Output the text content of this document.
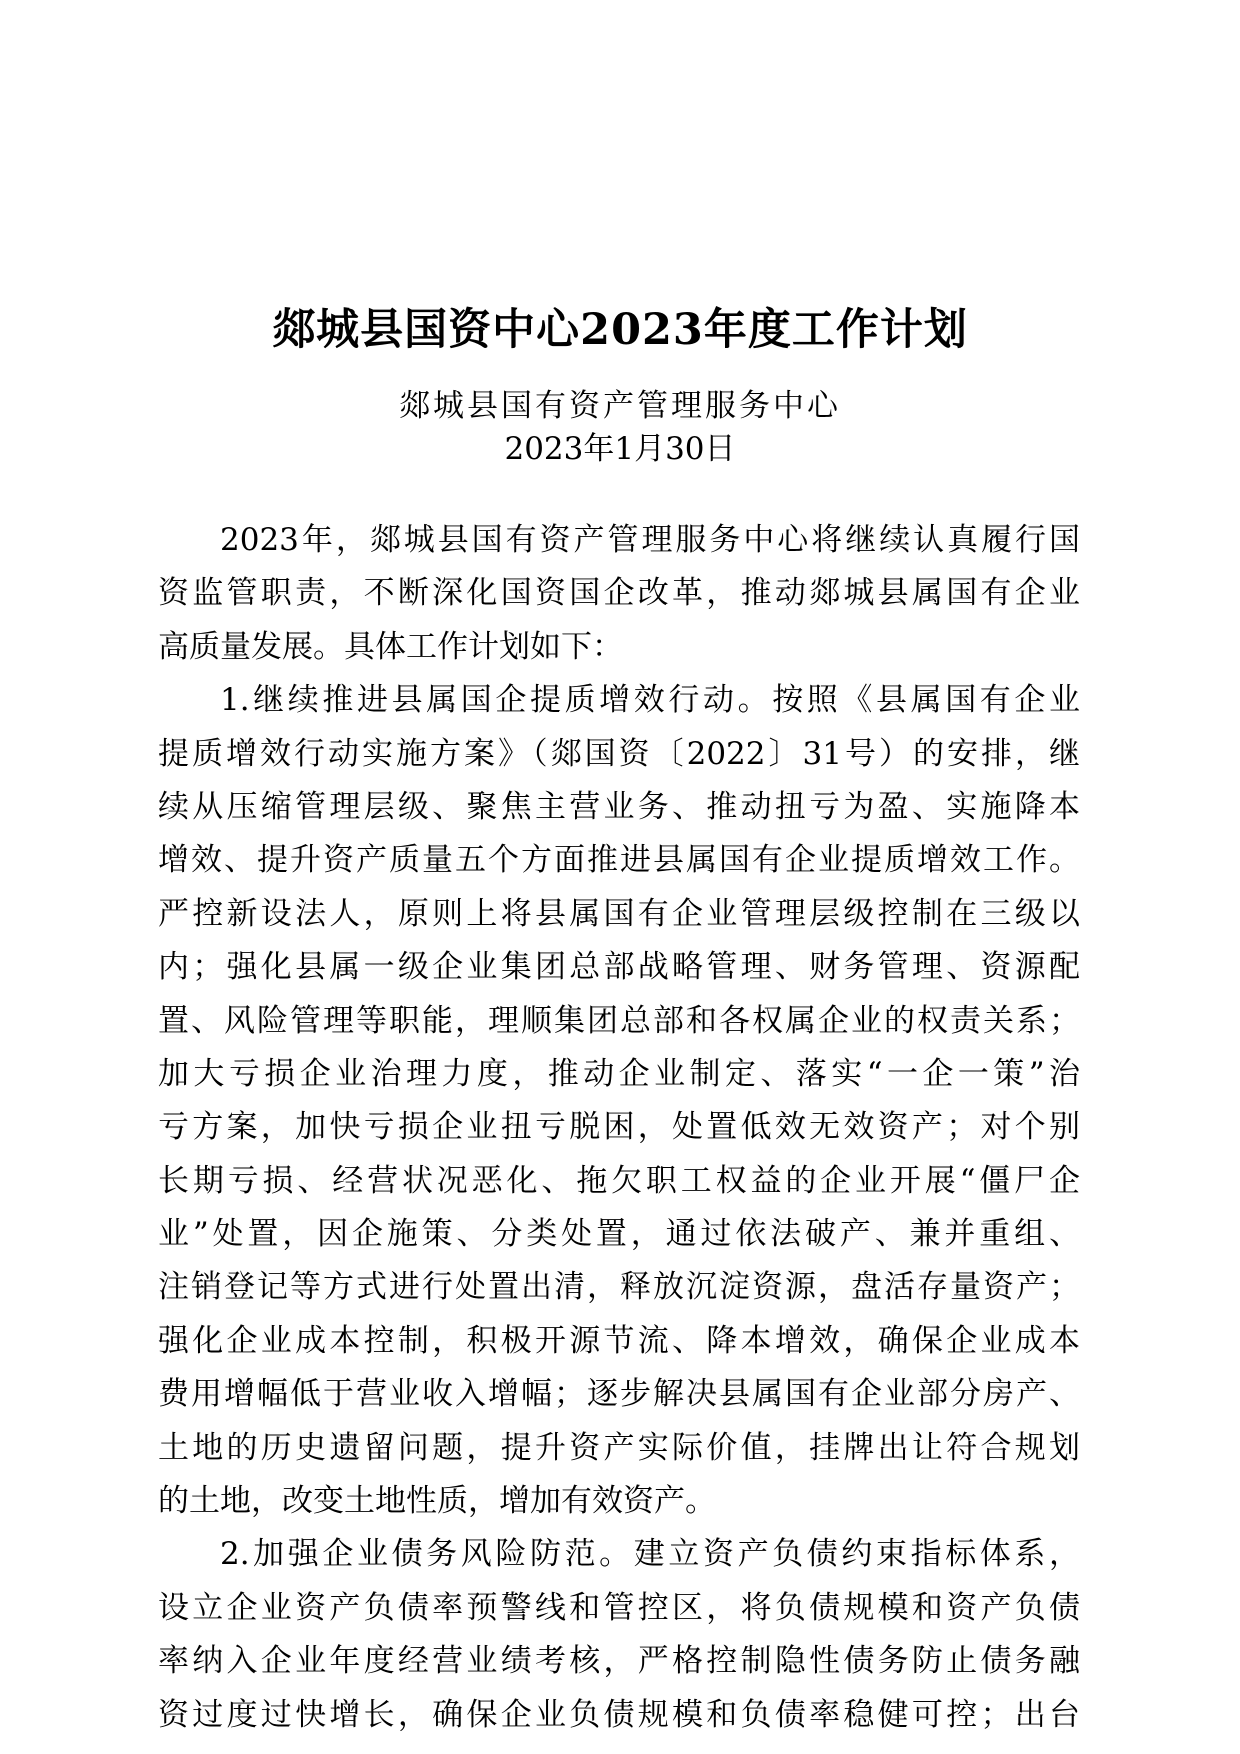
郯城县国资中心2023年度工作计划
郯城县国有资产管理服务中心
2023年1月30日
2023年，郯城县国有资产管理服务中心将继续认真履行国
资监管职责，不断深化国资国企改革，推动郯城县属国有企业
高质量发展。具体工作计划如下：
1.继续推进县属国企提质增效行动。按照《县属国有企业
提质增效行动实施方案》（郯国资〔2022〕31号）的安排，继
续从压缩管理层级、聚焦主营业务、推动扭亏为盈、实施降本
增效、提升资产质量五个方面推进县属国有企业提质增效工作。
严控新设法人，原则上将县属国有企业管理层级控制在三级以
内；强化县属一级企业集团总部战略管理、财务管理、资源配
置、风险管理等职能，理顺集团总部和各权属企业的权责关系；
加大亏损企业治理力度，推动企业制定、落实“一企一策”治
亏方案，加快亏损企业扭亏脱困，处置低效无效资产；对个别
长期亏损、经营状况恶化、拖欠职工权益的企业开展“僵尸企
业”处置，因企施策、分类处置，通过依法破产、兼并重组、
注销登记等方式进行处置出清，释放沉淀资源，盘活存量资产；
强化企业成本控制，积极开源节流、降本增效，确保企业成本
费用增幅低于营业收入增幅；逐步解决县属国有企业部分房产、
土地的历史遗留问题，提升资产实际价值，挂牌出让符合规划
的土地，改变土地性质，增加有效资产。
2.加强企业债务风险防范。建立资产负债约束指标体系，
设立企业资产负债率预警线和管控区，将负债规模和资产负债
率纳入企业年度经营业绩考核，严格控制隐性债务防止债务融
资过度过快增长，确保企业负债规模和负债率稳健可控；出台
